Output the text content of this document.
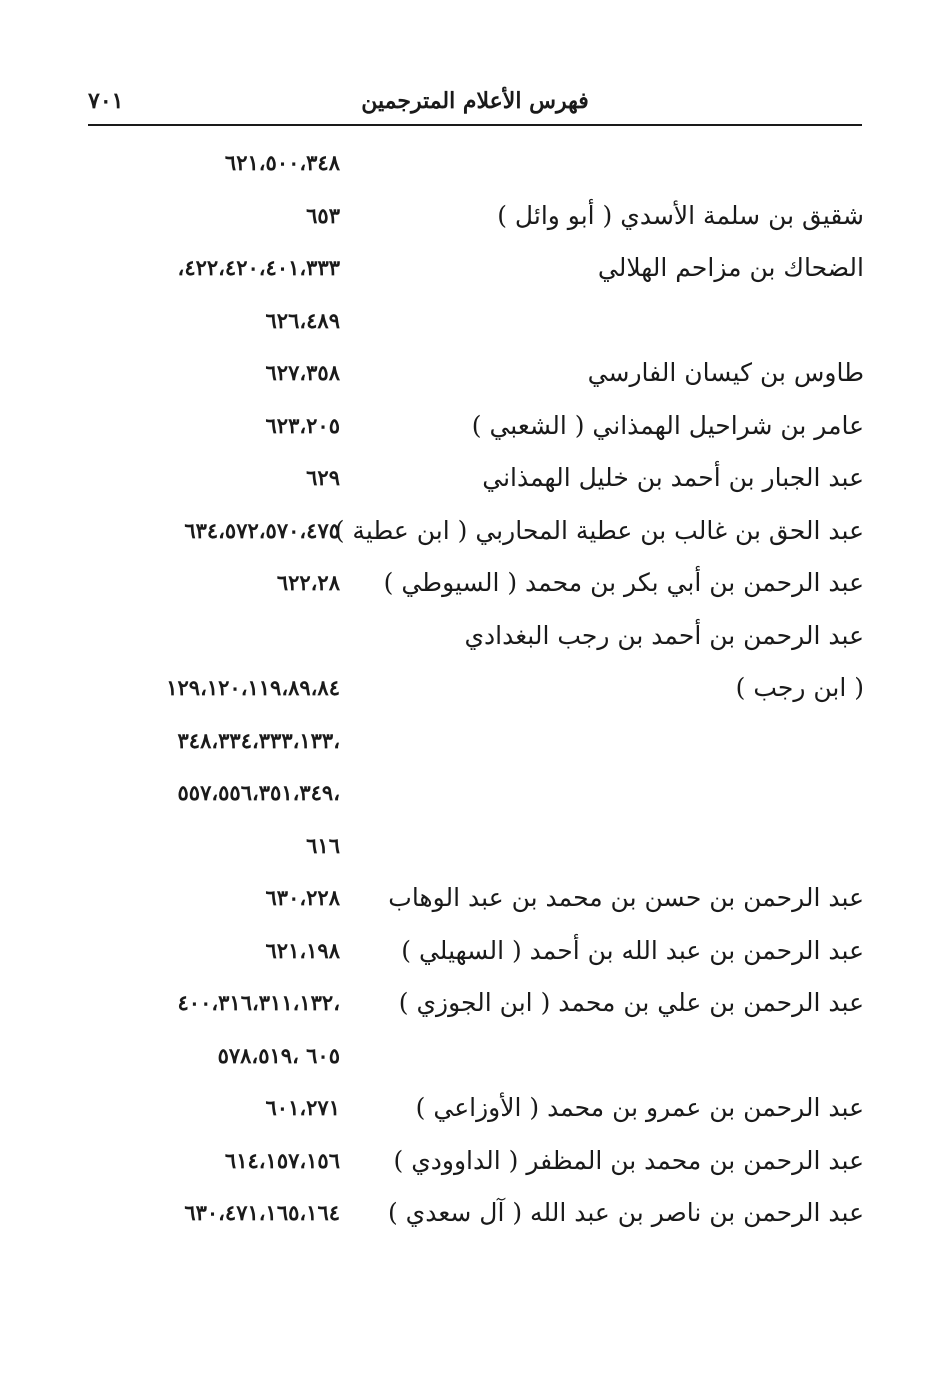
فهرس الأعلام المترجمين
٧٠١
٦٢١،٥٠٠،٣٤٨
شقيق بن سلمة الأسدي ( أبو وائل )
٦٥٣
الضحاك بن مزاحم الهلالي
٤٢٢،٤٢٠،٤٠١،٣٣٣،
٦٢٦،٤٨٩
طاوس بن كيسان الفارسي
٦٢٧،٣٥٨
عامر بن شراحيل الهمذاني ( الشعبي )
٦٢٣،٢٠٥
عبد الجبار بن أحمد بن خليل الهمذاني
٦٢٩
عبد الحق بن غالب بن عطية المحاربي ( ابن عطية )
٦٣٤،٥٧٢،٥٧٠،٤٧٥
عبد الرحمن بن أبي بكر بن محمد ( السيوطي )
٦٢٢،٢٨
عبد الرحمن بن أحمد بن رجب البغدادي
( ابن رجب )
١٢٩،١٢٠،١١٩،٨٩،٨٤
،٣٤٨،٣٣٤،٣٣٣،١٣٣
،٥٥٧،٥٥٦،٣٥١،٣٤٩
٦١٦
عبد الرحمن بن حسن بن محمد بن عبد الوهاب
٦٣٠،٢٢٨
عبد الرحمن بن عبد الله بن أحمد ( السهيلي )
٦٢١،١٩٨
عبد الرحمن بن علي بن محمد ( ابن الجوزي )
،٤٠٠،٣١٦،٣١١،١٣٢
٦٠٥ ،٥٧٨،٥١٩
عبد الرحمن بن عمرو بن محمد ( الأوزاعي )
٦٠١،٢٧١
عبد الرحمن بن محمد بن المظفر ( الداوودي )
٦١٤،١٥٧،١٥٦
عبد الرحمن بن ناصر بن عبد الله ( آل سعدي )
٦٣٠،٤٧١،١٦٥،١٦٤
